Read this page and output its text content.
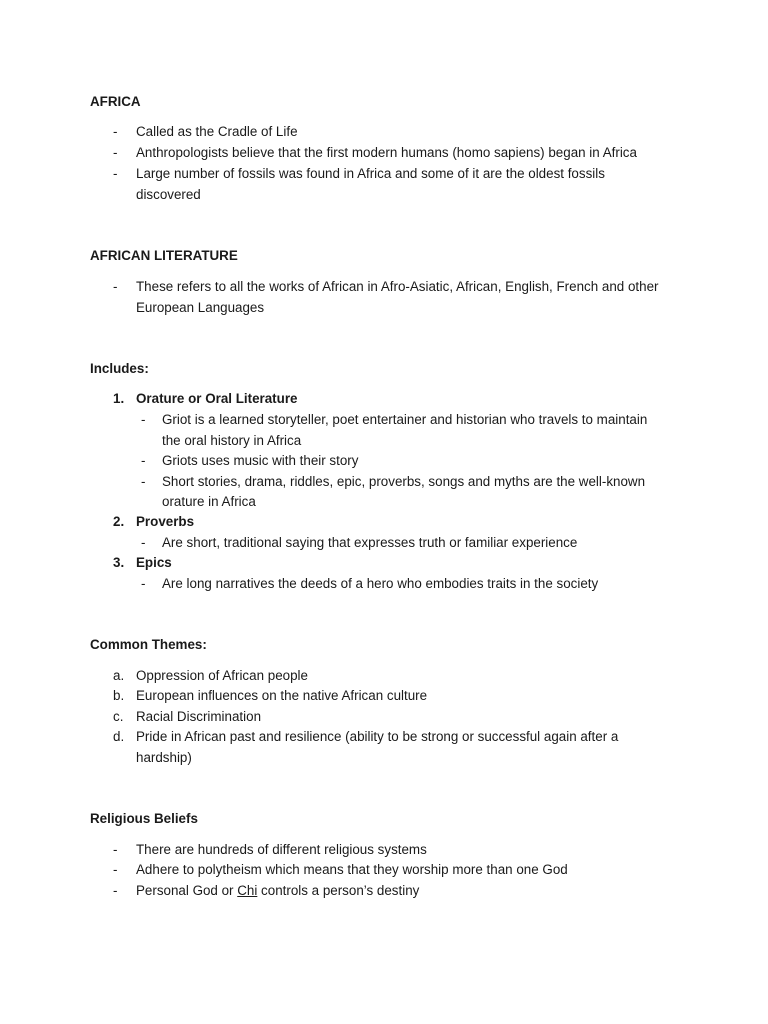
AFRICA
- Called as the Cradle of Life
- Anthropologists believe that the first modern humans (homo sapiens) began in Africa
- Large number of fossils was found in Africa and some of it are the oldest fossils
discovered
AFRICAN LITERATURE
- These refers to all the works of African in Afro-Asiatic, African, English, French and other
European Languages
Includes:
1. Orature or Oral Literature
- Griot is a learned storyteller, poet entertainer and historian who travels to maintain
the oral history in Africa
- Griots uses music with their story
- Short stories, drama, riddles, epic, proverbs, songs and myths are the well-known
orature in Africa
2. Proverbs
- Are short, traditional saying that expresses truth or familiar experience
3. Epics
- Are long narratives the deeds of a hero who embodies traits in the society
Common Themes:
a. Oppression of African people
b. European influences on the native African culture
c. Racial Discrimination
d. Pride in African past and resilience (ability to be strong or successful again after a
hardship)
Religious Beliefs
- There are hundreds of different religious systems
- Adhere to polytheism which means that they worship more than one God
- Personal God or Chi controls a person’s destiny
